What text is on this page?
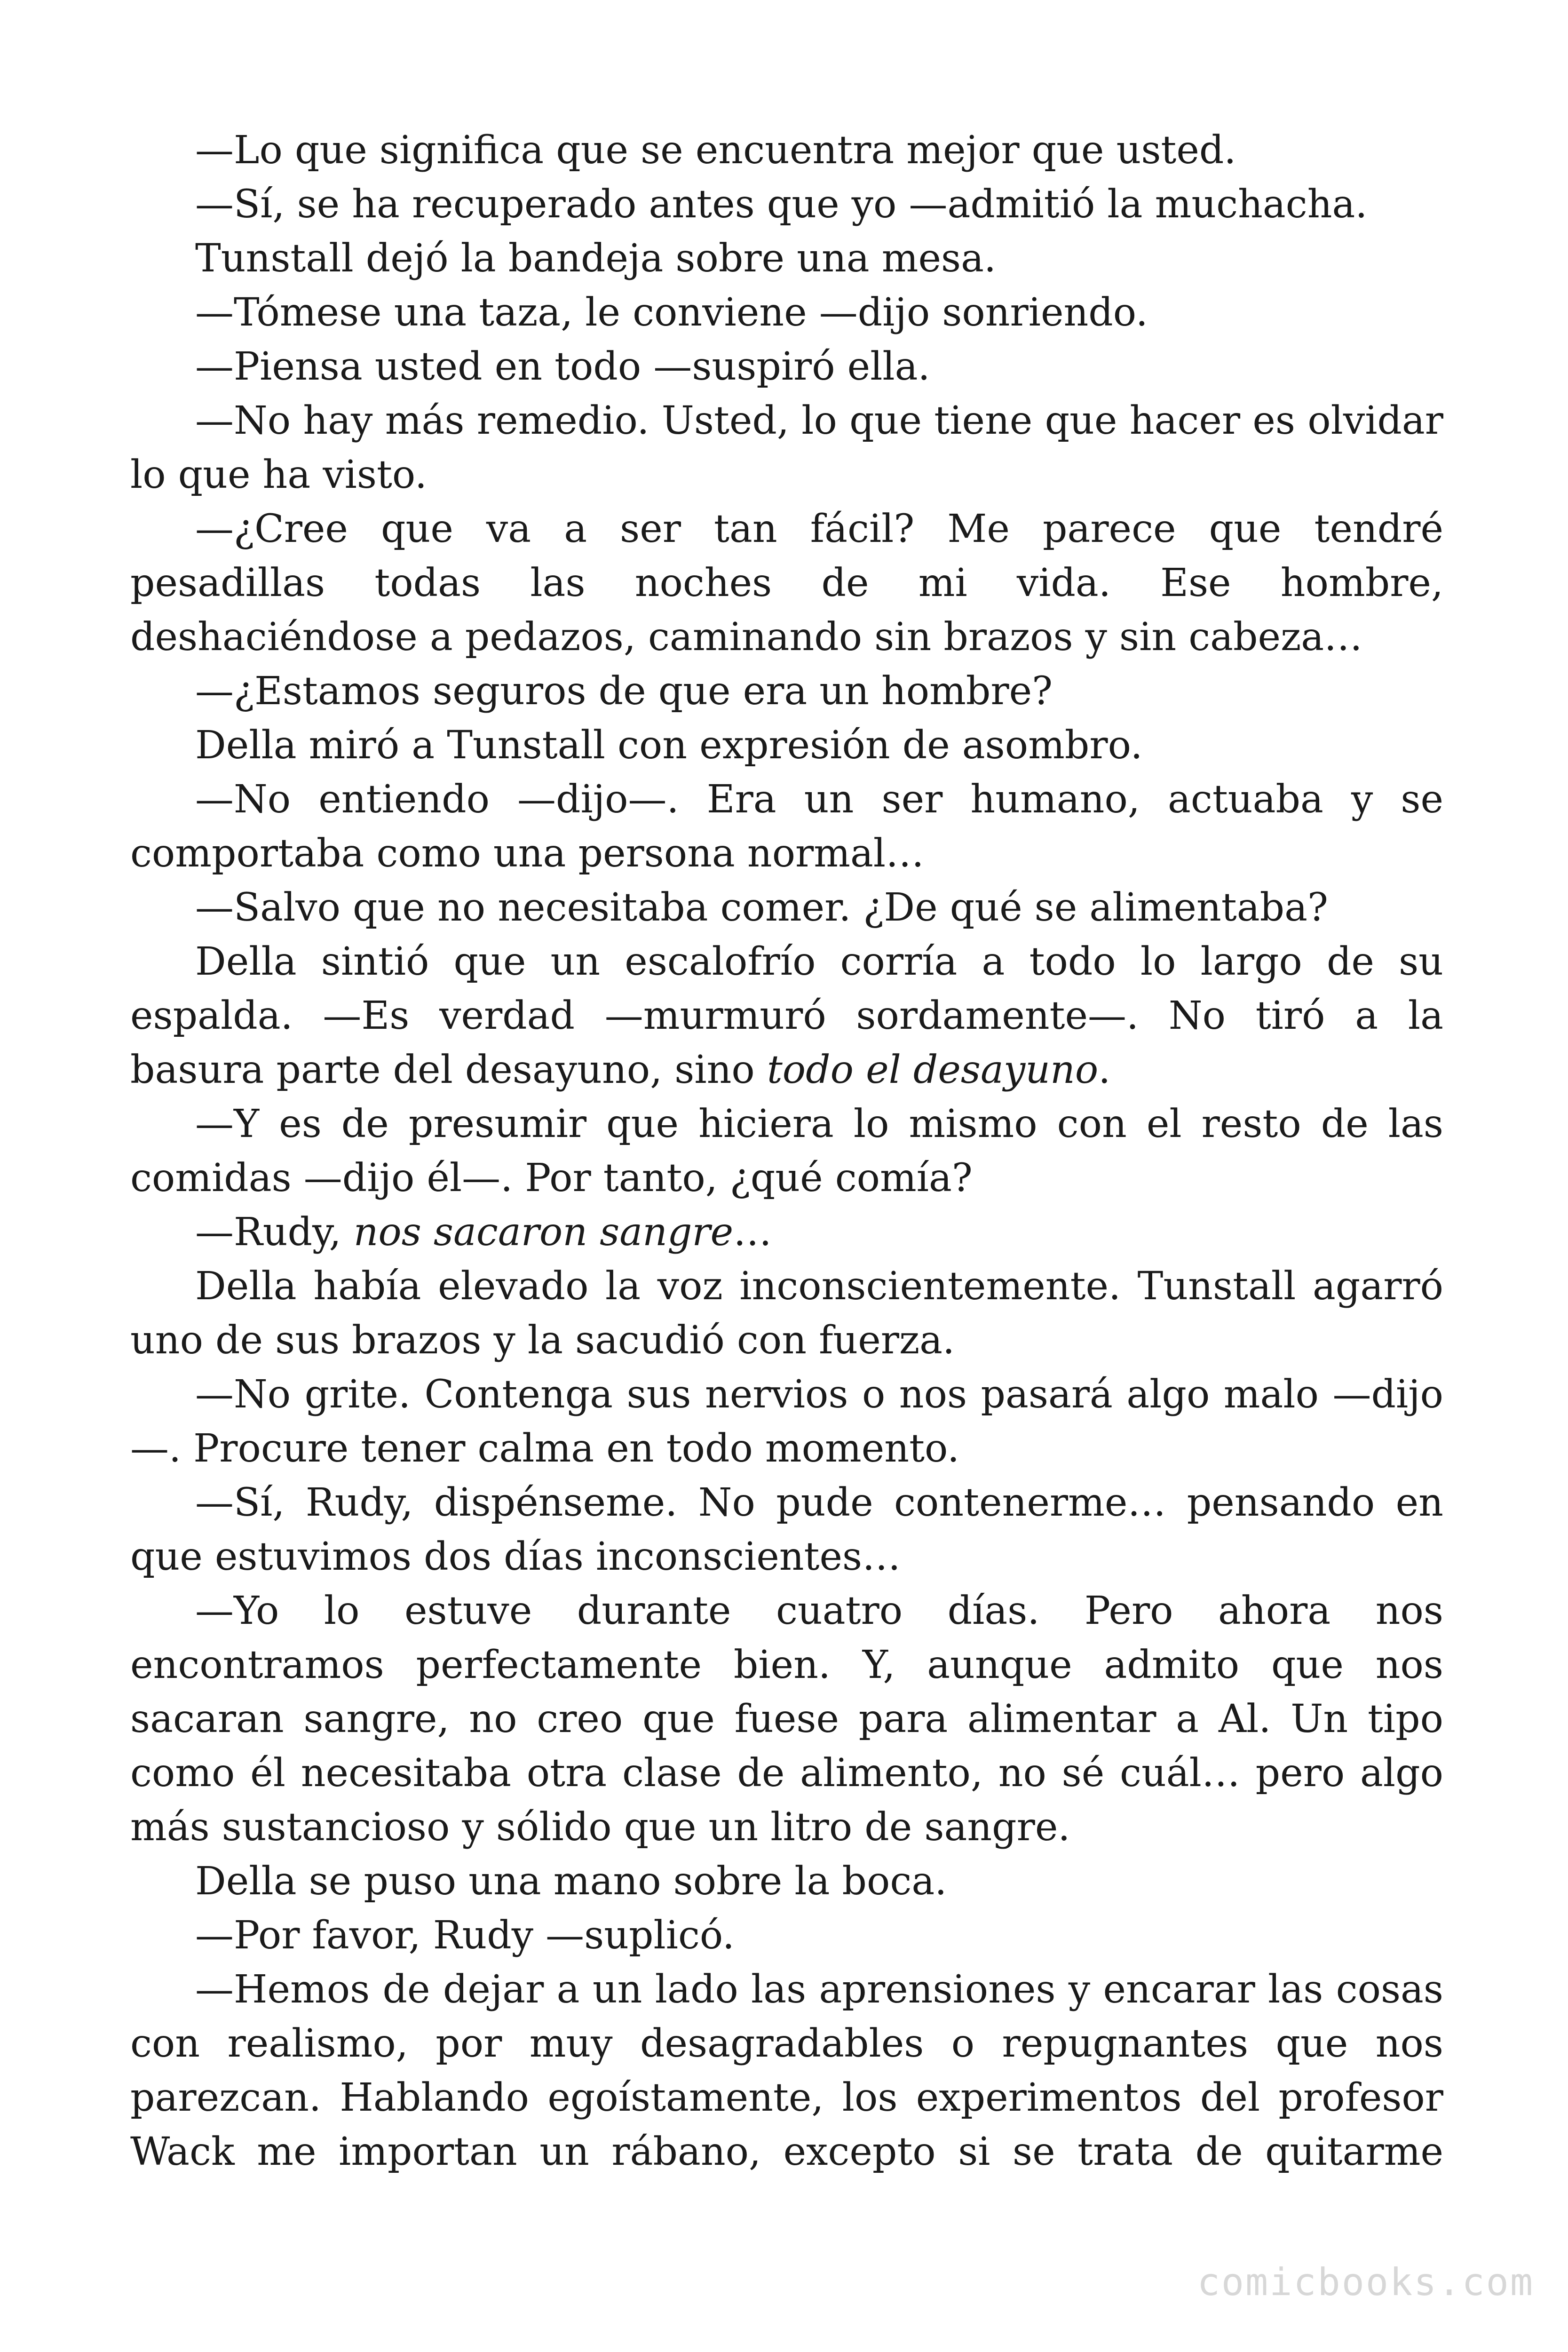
—Lo que significa que se encuentra mejor que usted.

—Sí, se ha recuperado antes que yo —admitió la muchacha.

Tunstall dejó la bandeja sobre una mesa.

—Tómese una taza, le conviene —dijo sonriendo.

—Piensa usted en todo —suspiró ella.

—No hay más remedio. Usted, lo que tiene que hacer es olvidar lo que ha visto.

—¿Cree que va a ser tan fácil? Me parece que tendré pesadillas todas las noches de mi vida. Ese hombre, deshaciéndose a pedazos, caminando sin brazos y sin cabeza…

—¿Estamos seguros de que era un hombre?

Della miró a Tunstall con expresión de asombro.

—No entiendo —dijo—. Era un ser humano, actuaba y se comportaba como una persona normal…

—Salvo que no necesitaba comer. ¿De qué se alimentaba?

Della sintió que un escalofrío corría a todo lo largo de su espalda. —Es verdad —murmuró sordamente—. No tiró a la basura parte del desayuno, sino todo el desayuno.

—Y es de presumir que hiciera lo mismo con el resto de las comidas —dijo él—. Por tanto, ¿qué comía?

—Rudy, nos sacaron sangre…

Della había elevado la voz inconscientemente. Tunstall agarró uno de sus brazos y la sacudió con fuerza.

—No grite. Contenga sus nervios o nos pasará algo malo —dijo —. Procure tener calma en todo momento.

—Sí, Rudy, dispénseme. No pude contenerme… pensando en que estuvimos dos días inconscientes…

—Yo lo estuve durante cuatro días. Pero ahora nos encontramos perfectamente bien. Y, aunque admito que nos sacaran sangre, no creo que fuese para alimentar a Al. Un tipo como él necesitaba otra clase de alimento, no sé cuál… pero algo más sustancioso y sólido que un litro de sangre.

Della se puso una mano sobre la boca.

—Por favor, Rudy —suplicó.

—Hemos de dejar a un lado las aprensiones y encarar las cosas con realismo, por muy desagradables o repugnantes que nos parezcan. Hablando egoístamente, los experimentos del profesor Wack me importan un rábano, excepto si se trata de quitarme

comicbooks.com
